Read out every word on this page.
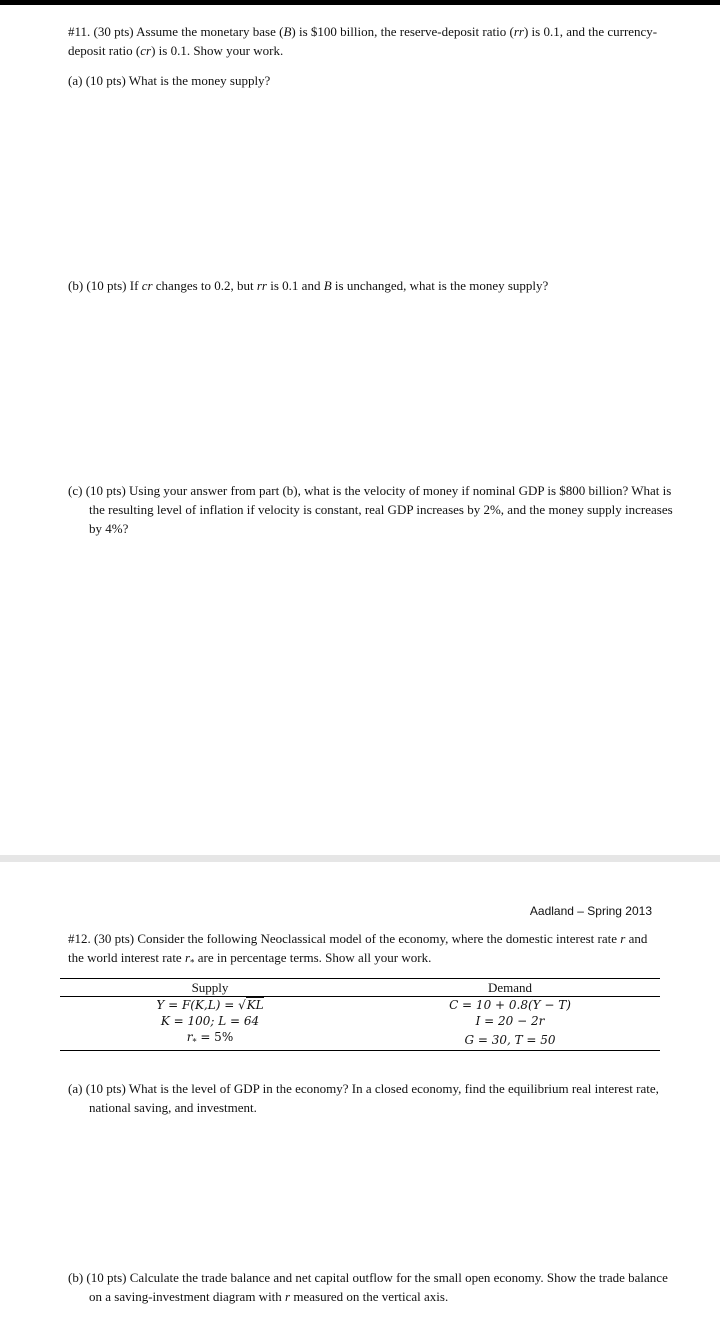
#11. (30 pts) Assume the monetary base (B) is $100 billion, the reserve-deposit ratio (rr) is 0.1, and the currency-deposit ratio (cr) is 0.1. Show your work.
(a) (10 pts) What is the money supply?
(b) (10 pts) If cr changes to 0.2, but rr is 0.1 and B is unchanged, what is the money supply?
(c) (10 pts) Using your answer from part (b), what is the velocity of money if nominal GDP is $800 billion? What is the resulting level of inflation if velocity is constant, real GDP increases by 2%, and the money supply increases by 4%?
Aadland – Spring 2013
#12. (30 pts) Consider the following Neoclassical model of the economy, where the domestic interest rate r and the world interest rate $r_*$ are in percentage terms. Show all your work.
Supply	Demand
Y = F(K,L) = √KL	C = 10 + 0.8(Y − T)
K = 100; L = 64	I = 20 − 2r
$r_* = 5\%$	G = 30, T = 50
(a) (10 pts) What is the level of GDP in the economy? In a closed economy, find the equilibrium real interest rate, national saving, and investment.
(b) (10 pts) Calculate the trade balance and net capital outflow for the small open economy. Show the trade balance on a saving-investment diagram with r measured on the vertical axis.
